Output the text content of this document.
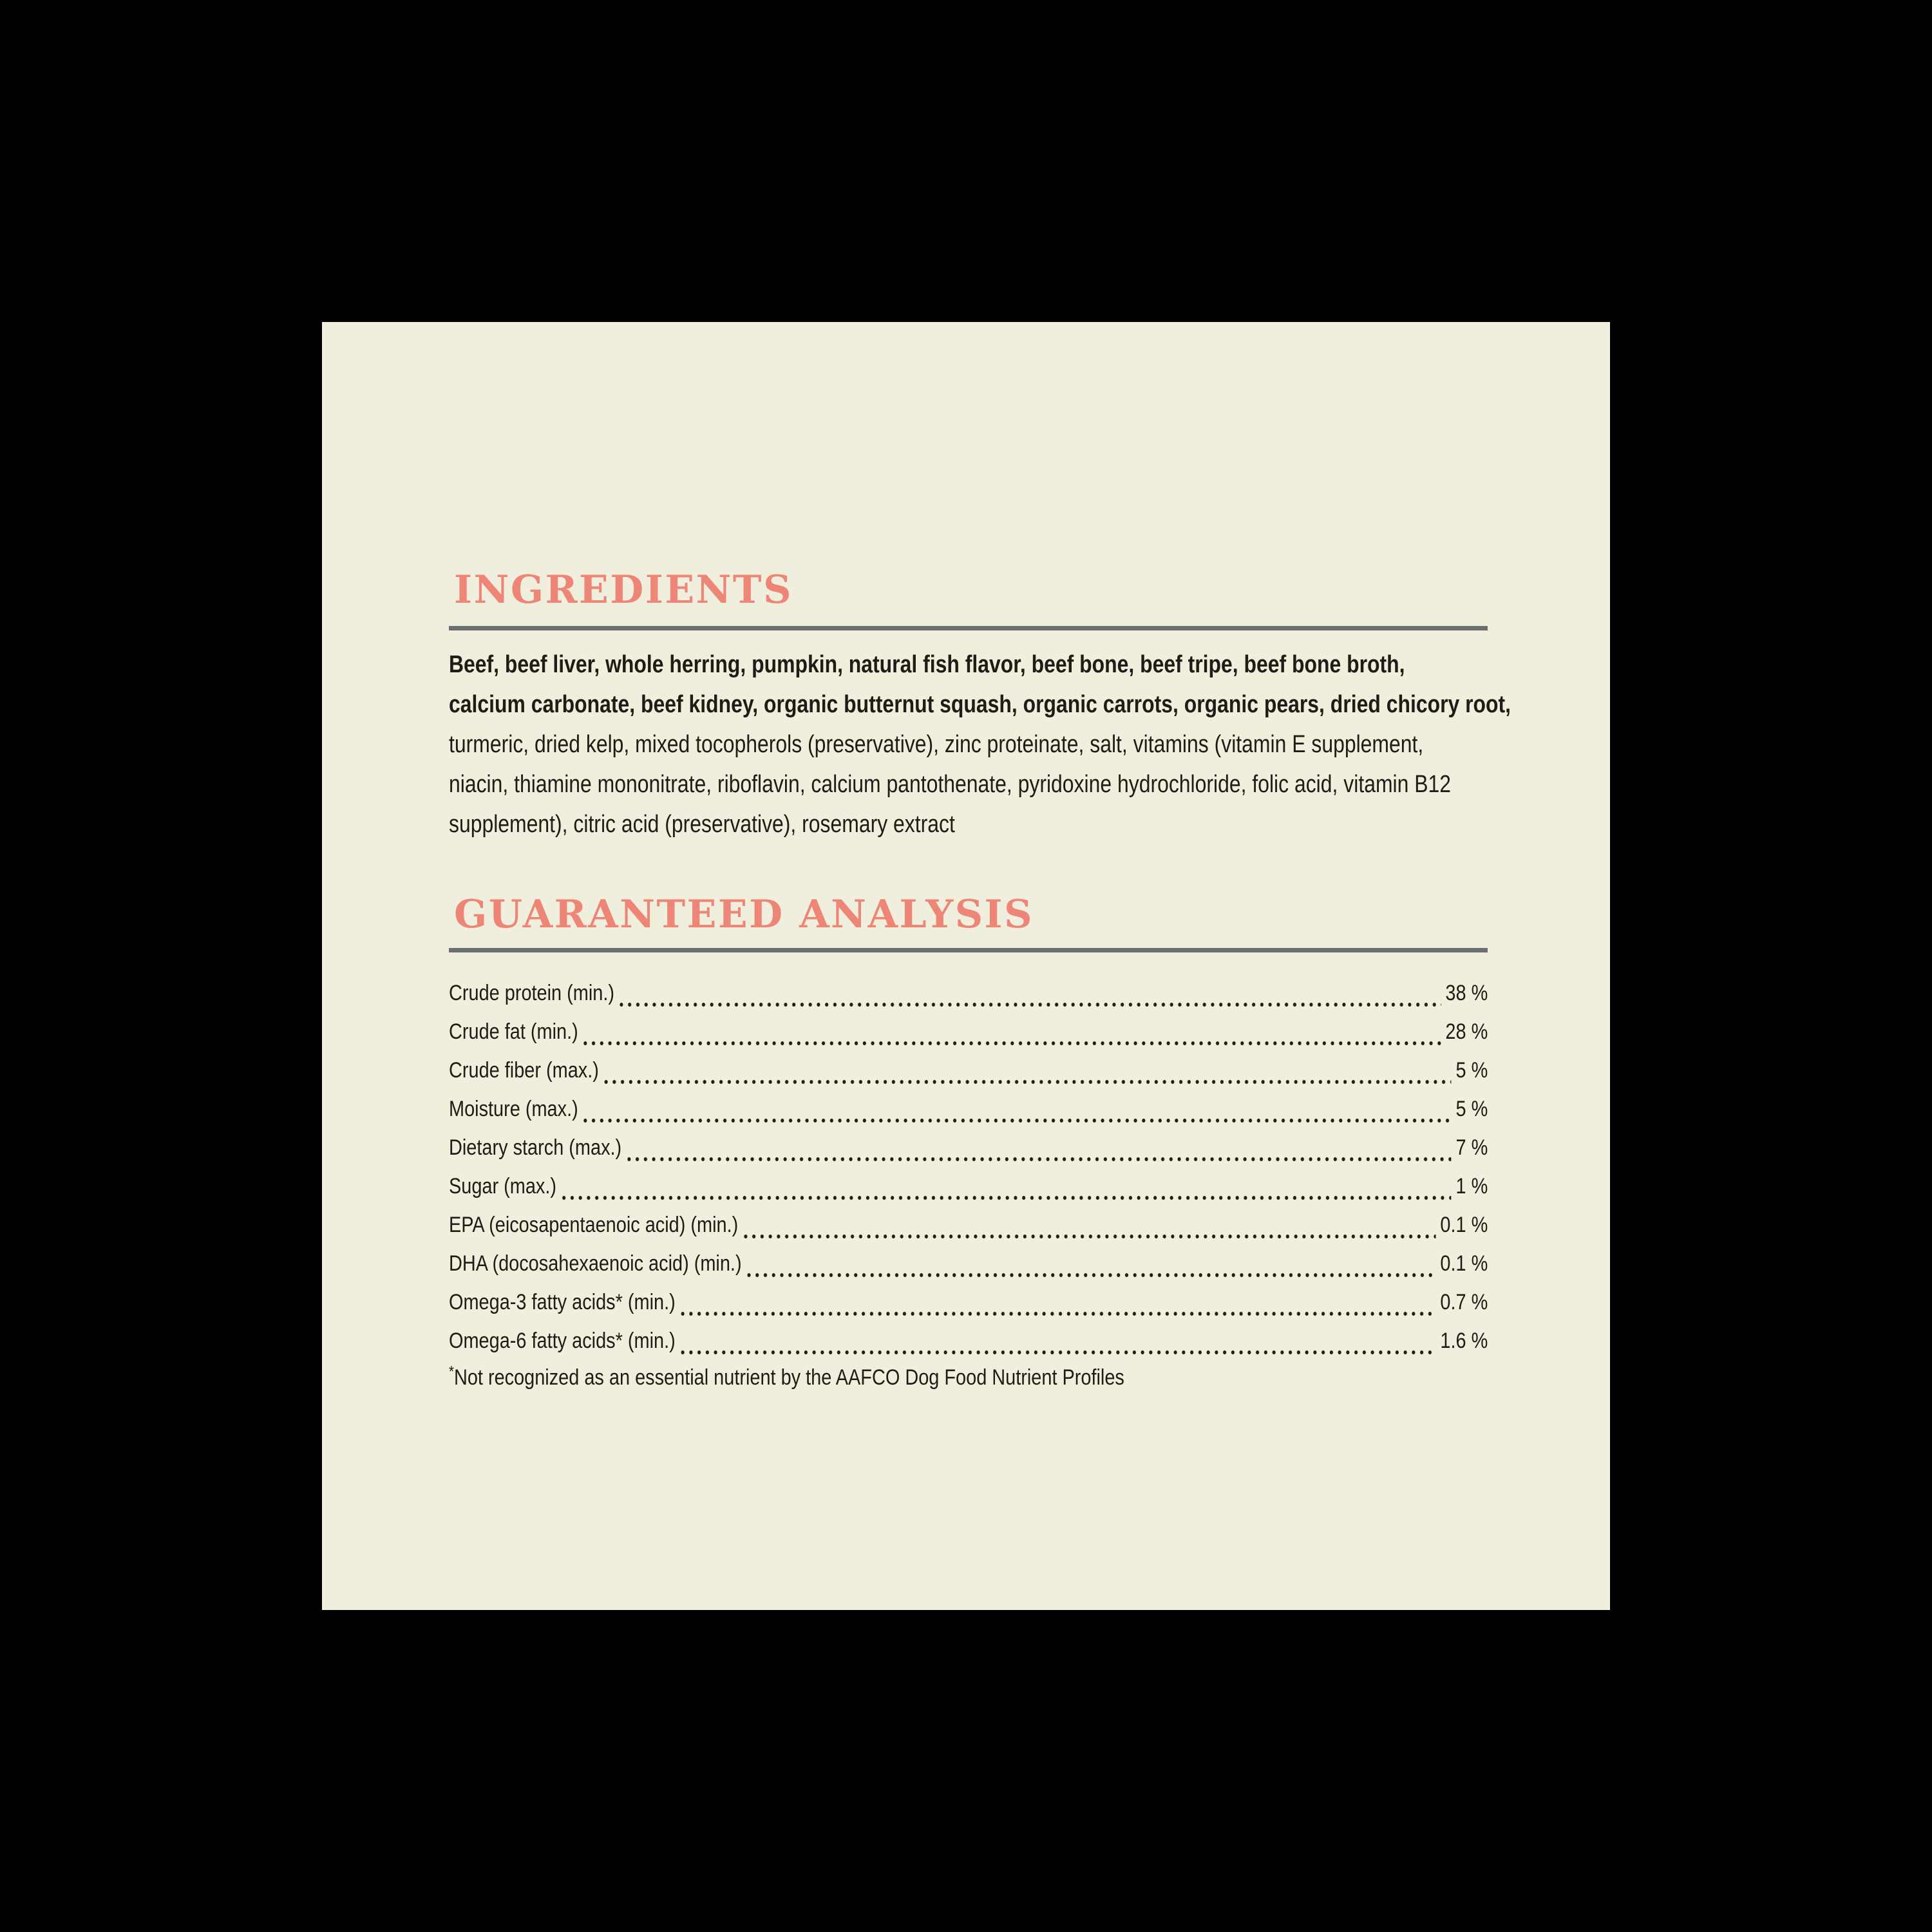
INGREDIENTS
Beef, beef liver, whole herring, pumpkin, natural fish flavor, beef bone, beef tripe, beef bone broth,
calcium carbonate, beef kidney, organic butternut squash, organic carrots, organic pears, dried chicory root,
turmeric, dried kelp, mixed tocopherols (preservative), zinc proteinate, salt, vitamins (vitamin E supplement,
niacin, thiamine mononitrate, riboflavin, calcium pantothenate, pyridoxine hydrochloride, folic acid, vitamin B12
supplement), citric acid (preservative), rosemary extract
GUARANTEED ANALYSIS
Crude protein (min.)	38 %
Crude fat (min.)	28 %
Crude fiber (max.)	5 %
Moisture (max.)	5 %
Dietary starch (max.)	7 %
Sugar (max.)	1 %
EPA (eicosapentaenoic acid) (min.)	0.1 %
DHA (docosahexaenoic acid) (min.)	0.1 %
Omega-3 fatty acids* (min.)	0.7 %
Omega-6 fatty acids* (min.)	1.6 %
*Not recognized as an essential nutrient by the AAFCO Dog Food Nutrient Profiles
